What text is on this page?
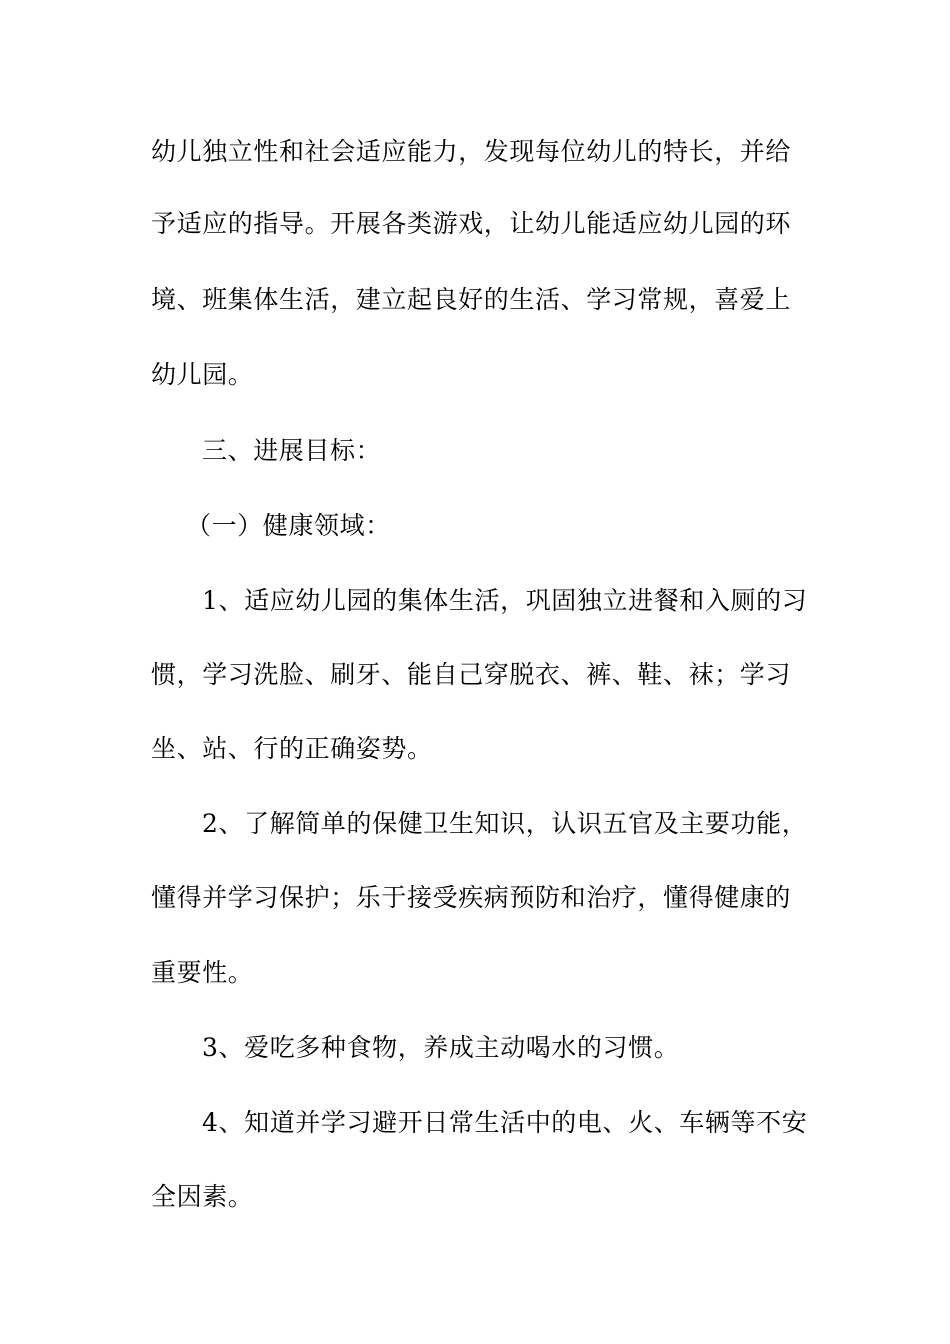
幼儿独立性和社会适应能力，发现每位幼儿的特长，并给
予适应的指导。开展各类游戏，让幼儿能适应幼儿园的环
境、班集体生活，建立起良好的生活、学习常规，喜爱上
幼儿园。
三、进展目标：
（一）健康领域：
1、适应幼儿园的集体生活，巩固独立进餐和入厕的习
惯，学习洗脸、刷牙、能自己穿脱衣、裤、鞋、袜；学习
坐、站、行的正确姿势。
2、了解简单的保健卫生知识，认识五官及主要功能，
懂得并学习保护；乐于接受疾病预防和治疗，懂得健康的
重要性。
3、爱吃多种食物，养成主动喝水的习惯。
4、知道并学习避开日常生活中的电、火、车辆等不安
全因素。
